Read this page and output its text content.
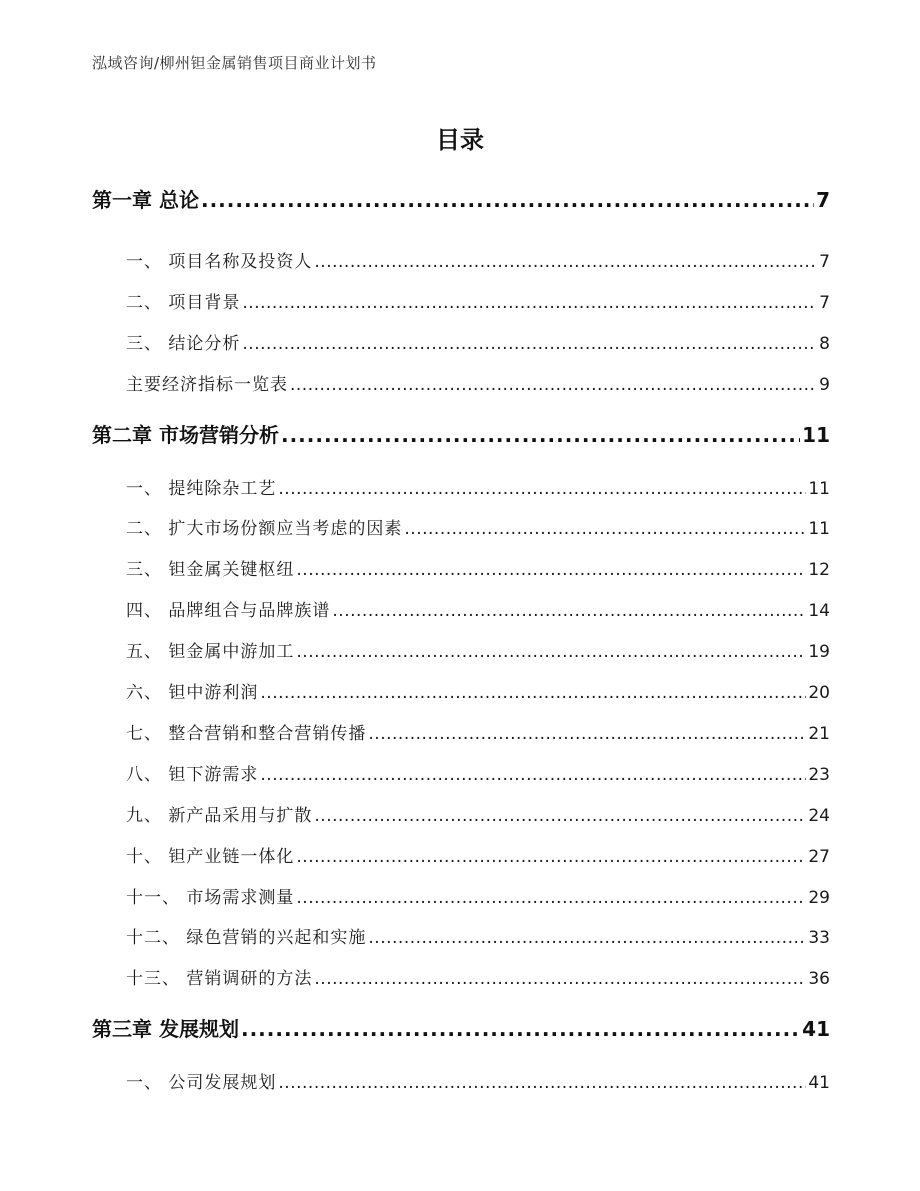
泓域咨询/柳州钽金属销售项目商业计划书
目录
第一章 总论 .....	7
一、 项目名称及投资人 .....	7
二、 项目背景 .....	7
三、 结论分析 .....	8
主要经济指标一览表 .....	9
第二章 市场营销分析 .....	11
一、 提纯除杂工艺 .....	11
二、 扩大市场份额应当考虑的因素 .....	11
三、 钽金属关键枢纽 .....	12
四、 品牌组合与品牌族谱 .....	14
五、 钽金属中游加工 .....	19
六、 钽中游利润 .....	20
七、 整合营销和整合营销传播 .....	21
八、 钽下游需求 .....	23
九、 新产品采用与扩散 .....	24
十、 钽产业链一体化 .....	27
十一、 市场需求测量 .....	29
十二、 绿色营销的兴起和实施 .....	33
十三、 营销调研的方法 .....	36
第三章 发展规划 .....	41
一、 公司发展规划 .....	41
